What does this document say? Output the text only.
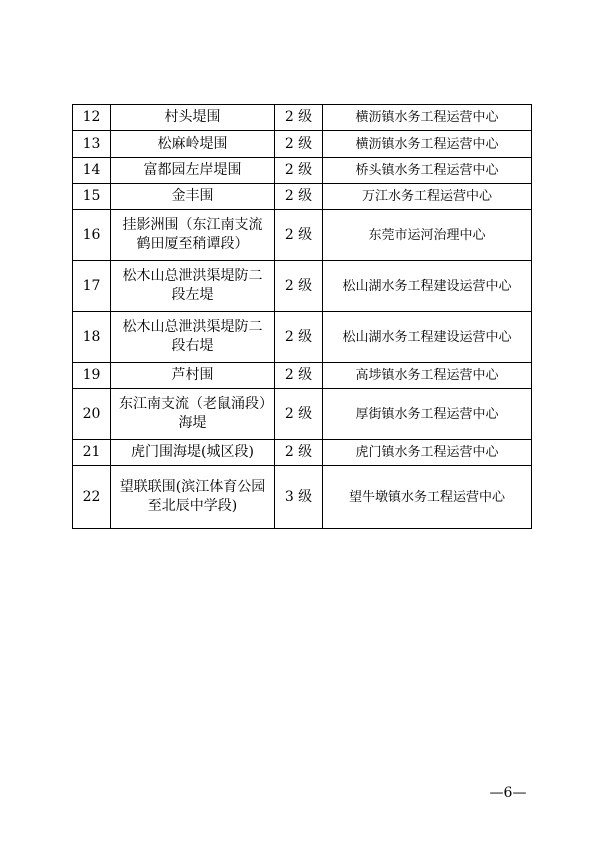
12	村头堤围	2 级	横沥镇水务工程运营中心
13	松麻岭堤围	2 级	横沥镇水务工程运营中心
14	富都园左岸堤围	2 级	桥头镇水务工程运营中心
15	金丰围	2 级	万江水务工程运营中心
16	挂影洲围（东江南支流鹤田厦至稍谭段）	2 级	东莞市运河治理中心
17	松木山总泄洪渠堤防二段左堤	2 级	松山湖水务工程建设运营中心
18	松木山总泄洪渠堤防二段右堤	2 级	松山湖水务工程建设运营中心
19	芦村围	2 级	高埗镇水务工程运营中心
20	东江南支流（老鼠涌段）海堤	2 级	厚街镇水务工程运营中心
21	虎门围海堤(城区段)	2 级	虎门镇水务工程运营中心
22	望联联围(滨江体育公园至北辰中学段)	3 级	望牛墩镇水务工程运营中心
—6—
